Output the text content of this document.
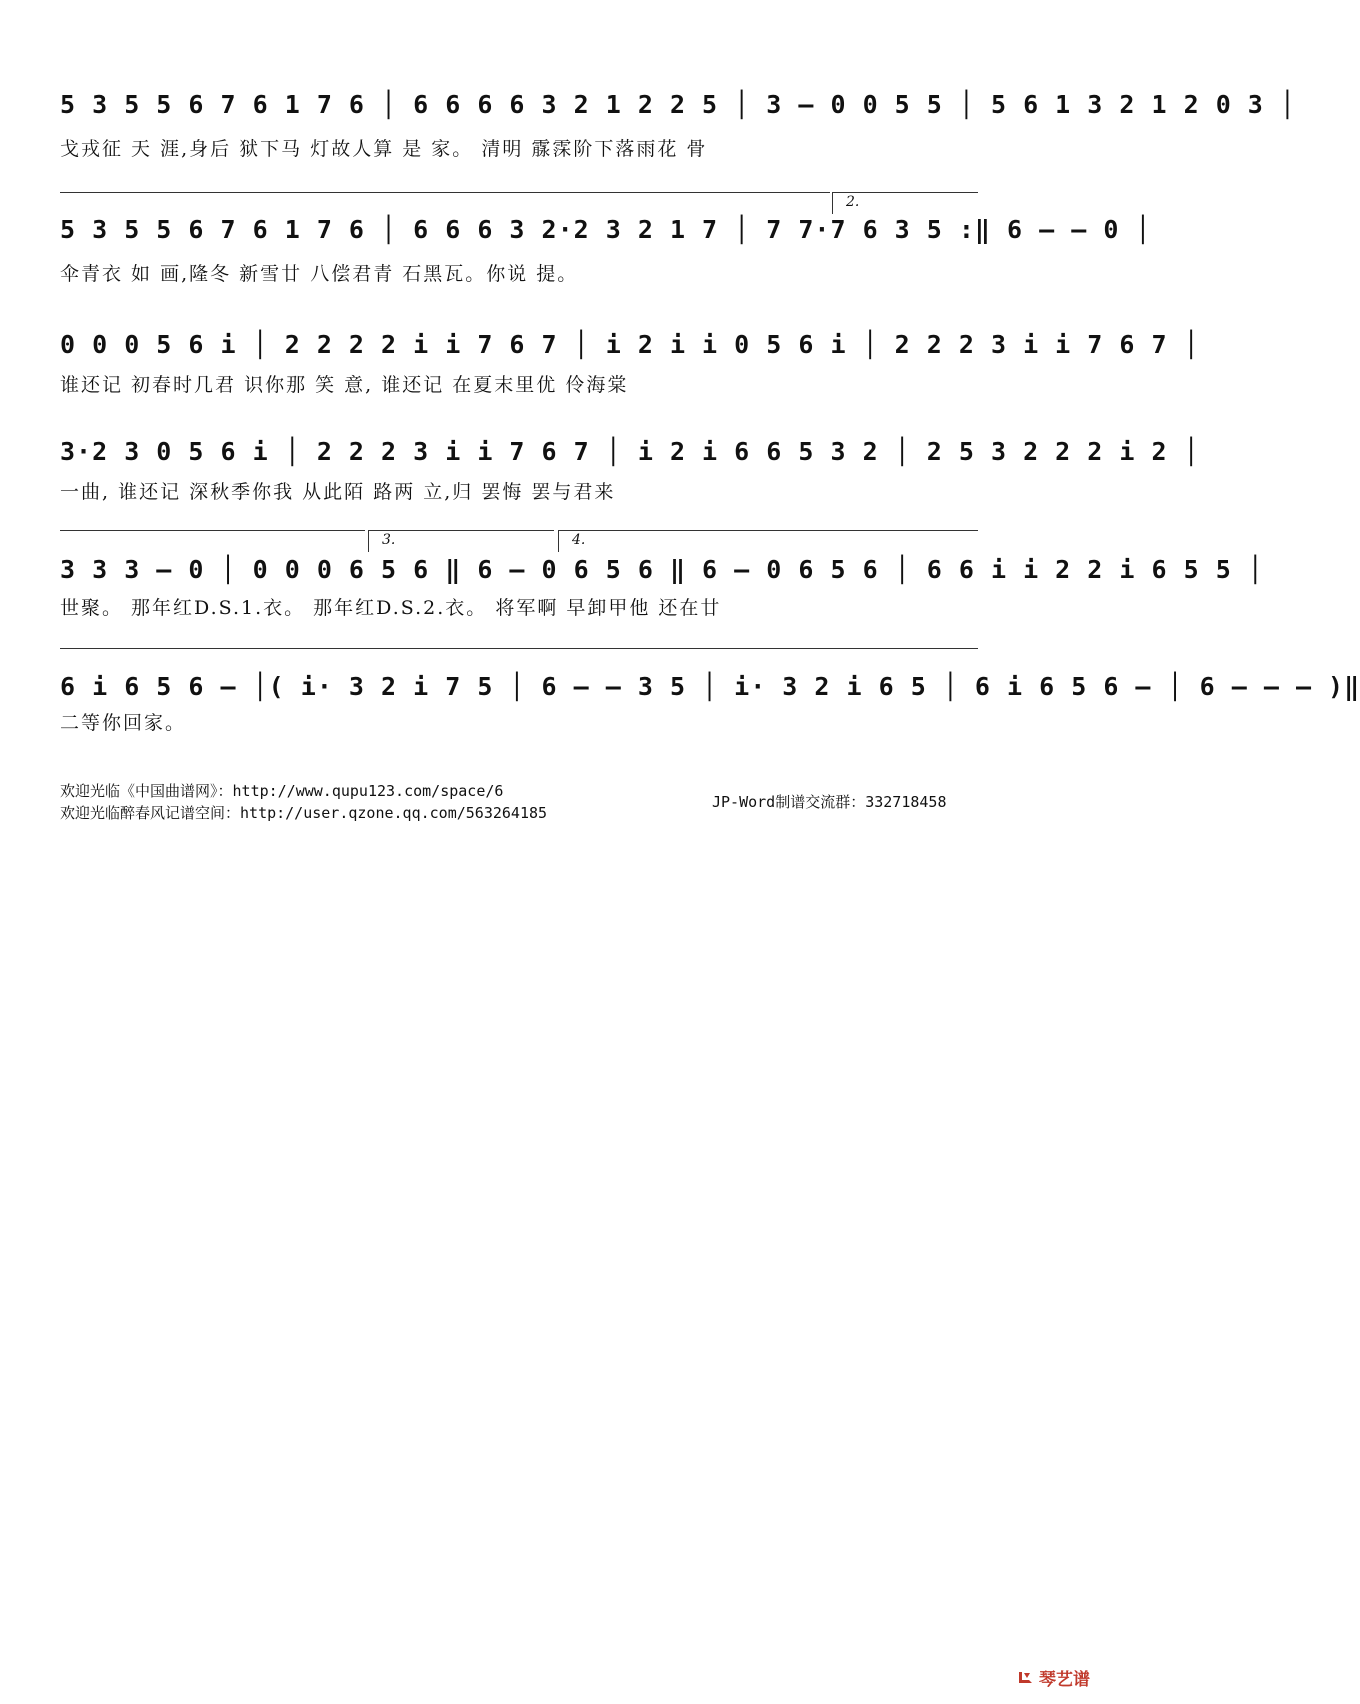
5 3 5 5 6 7 6 1 7 6 │ 6 6 6 6 3 2 1 2 2 5 │ 3 – 0 0 5 5 │ 5 6 1 3 2 1 2 0 3 │
戈戎征 天 涯,身后 狱下马 灯故人算 是 家。 清明 霡霂阶下落雨花 骨
2.
5 3 5 5 6 7 6 1 7 6 │ 6 6 6 3 2·2 3 2 1 7 │ 7 7·7 6 3 5 :‖ 6 – – 0 │
伞青衣 如 画,隆冬 新雪廿 八偿君青 石黑瓦。你说 提。
0 0 0 5 6 i │ 2 2 2 2 i i 7 6 7 │ i 2 i i 0 5 6 i │ 2 2 2 3 i i 7 6 7 │
谁还记 初春时几君 识你那 笑 意, 谁还记 在夏末里优 伶海棠
3·2 3 0 5 6 i │ 2 2 2 3 i i 7 6 7 │ i 2 i 6 6 5 3 2 │ 2 5 3 2 2 2 i 2 │
一曲, 谁还记 深秋季你我 从此陌 路两 立,归 罢悔 罢与君来
3.	4.
3 3 3 – 0 │ 0 0 0 6 5 6 ‖ 6 – 0 6 5 6 ‖ 6 – 0 6 5 6 │ 6 6 i i 2 2 i 6 5 5 │
世聚。 那年红D.S.1.衣。 那年红D.S.2.衣。 将军啊 早卸甲他 还在廿
6 i 6 5 6 – │( i· 3 2 i 7 5 │ 6 – – 3 5 │ i· 3 2 i 6 5 │ 6 i 6 5 6 – │ 6 – – – )‖
二等你回家。
欢迎光临《中国曲谱网》：http://www.qupu123.com/space/6
欢迎光临醉春风记谱空间：http://user.qzone.qq.com/563264185
JP-Word制谱交流群：332718458
琴艺谱
